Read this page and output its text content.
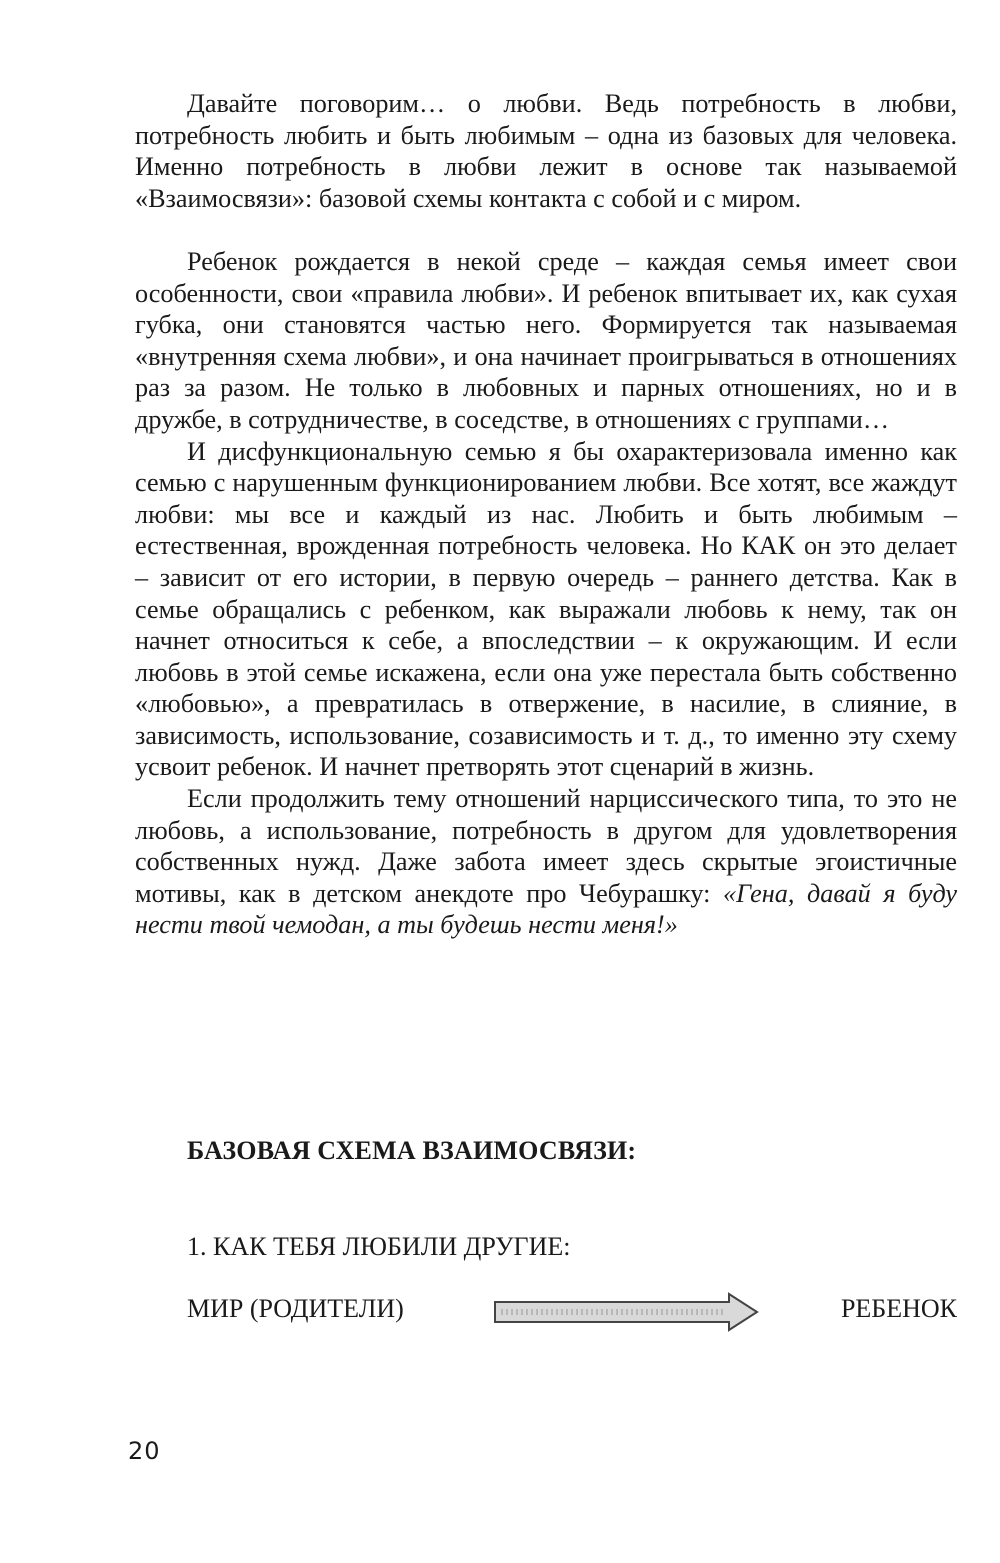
Давайте поговорим… о любви. Ведь потребность в любви, потребность любить и быть любимым – одна из базовых для человека. Именно потребность в любви лежит в основе так называемой «Взаимосвязи»: базовой схемы контакта с собой и с миром.

Ребенок рождается в некой среде – каждая семья имеет свои особенности, свои «правила любви». И ребенок впитывает их, как сухая губка, они становятся частью него. Формируется так называемая «внутренняя схема любви», и она начинает проигрываться в отношениях раз за разом. Не только в любовных и парных отношениях, но и в дружбе, в сотрудничестве, в соседстве, в отношениях с группами…

И дисфункциональную семью я бы охарактеризовала именно как семью с нарушенным функционированием любви. Все хотят, все жаждут любви: мы все и каждый из нас. Любить и быть любимым – естественная, врожденная потребность человека. Но КАК он это делает – зависит от его истории, в первую очередь – раннего детства. Как в семье обращались с ребенком, как выражали любовь к нему, так он начнет относиться к себе, а впоследствии – к окружающим. И если любовь в этой семье искажена, если она уже перестала быть собственно «любовью», а превратилась в отвержение, в насилие, в слияние, в зависимость, использование, созависимость и т. д., то именно эту схему усвоит ребенок. И начнет претворять этот сценарий в жизнь.

Если продолжить тему отношений нарциссического типа, то это не любовь, а использование, потребность в другом для удовлетворения собственных нужд. Даже забота имеет здесь скрытые эгоистичные мотивы, как в детском анекдоте про Чебурашку: «Гена, давай я буду нести твой чемодан, а ты будешь нести меня!»

БАЗОВАЯ СХЕМА ВЗАИМОСВЯЗИ:
1. КАК ТЕБЯ ЛЮБИЛИ ДРУГИЕ:
МИР (РОДИТЕЛИ)	РЕБЕНОК
20
